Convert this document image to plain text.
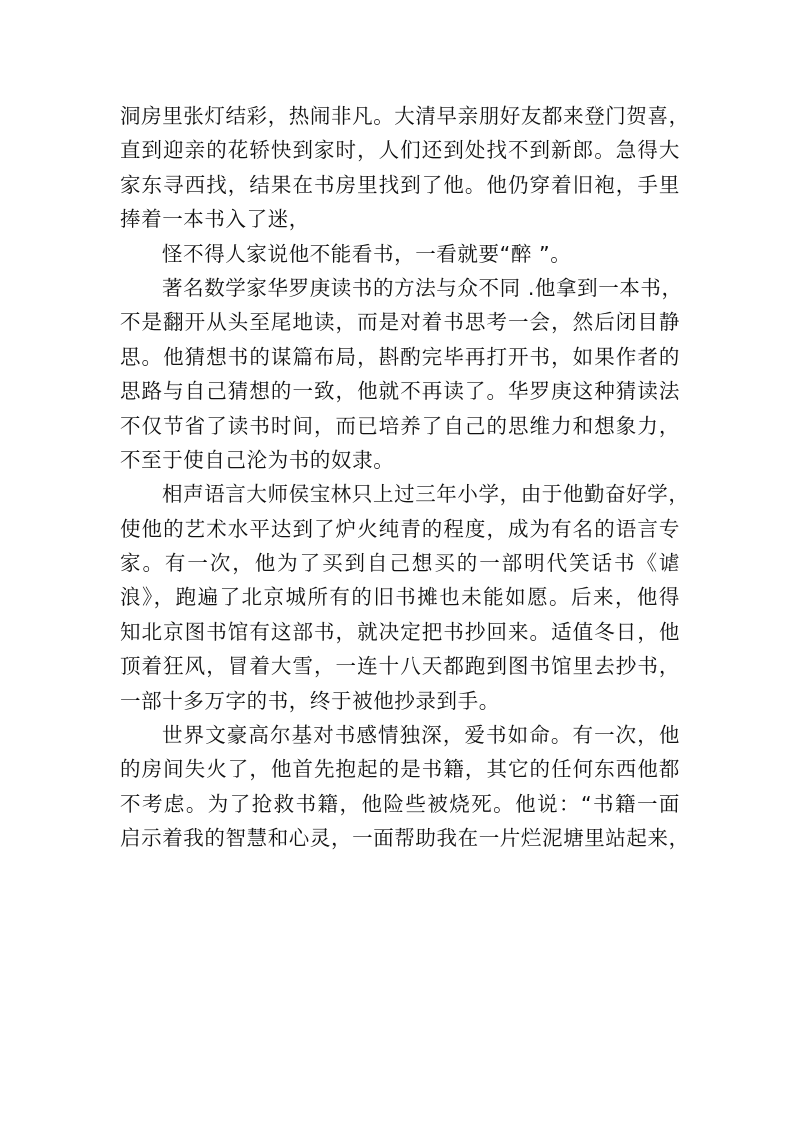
洞房里张灯结彩，热闹非凡。大清早亲朋好友都来登门贺喜，
直到迎亲的花轿快到家时，人们还到处找不到新郎。急得大
家东寻西找，结果在书房里找到了他。他仍穿着旧袍，手里
捧着一本书入了迷，
怪不得人家说他不能看书，一看就要“醉 ”。
著名数学家华罗庚读书的方法与众不同 .他拿到一本书，
不是翻开从头至尾地读，而是对着书思考一会，然后闭目静
思。他猜想书的谋篇布局，斟酌完毕再打开书，如果作者的
思路与自己猜想的一致，他就不再读了。华罗庚这种猜读法
不仅节省了读书时间，而已培养了自己的思维力和想象力，
不至于使自己沦为书的奴隶。
相声语言大师侯宝林只上过三年小学，由于他勤奋好学，
使他的艺术水平达到了炉火纯青的程度，成为有名的语言专
家。有一次，他为了买到自己想买的一部明代笑话书《谑
浪》，跑遍了北京城所有的旧书摊也未能如愿。后来，他得
知北京图书馆有这部书，就决定把书抄回来。适值冬日，他
顶着狂风，冒着大雪，一连十八天都跑到图书馆里去抄书，
一部十多万字的书，终于被他抄录到手。
世界文豪高尔基对书感情独深，爱书如命。有一次，他
的房间失火了，他首先抱起的是书籍，其它的任何东西他都
不考虑。为了抢救书籍，他险些被烧死。他说：“书籍一面
启示着我的智慧和心灵，一面帮助我在一片烂泥塘里站起来，
